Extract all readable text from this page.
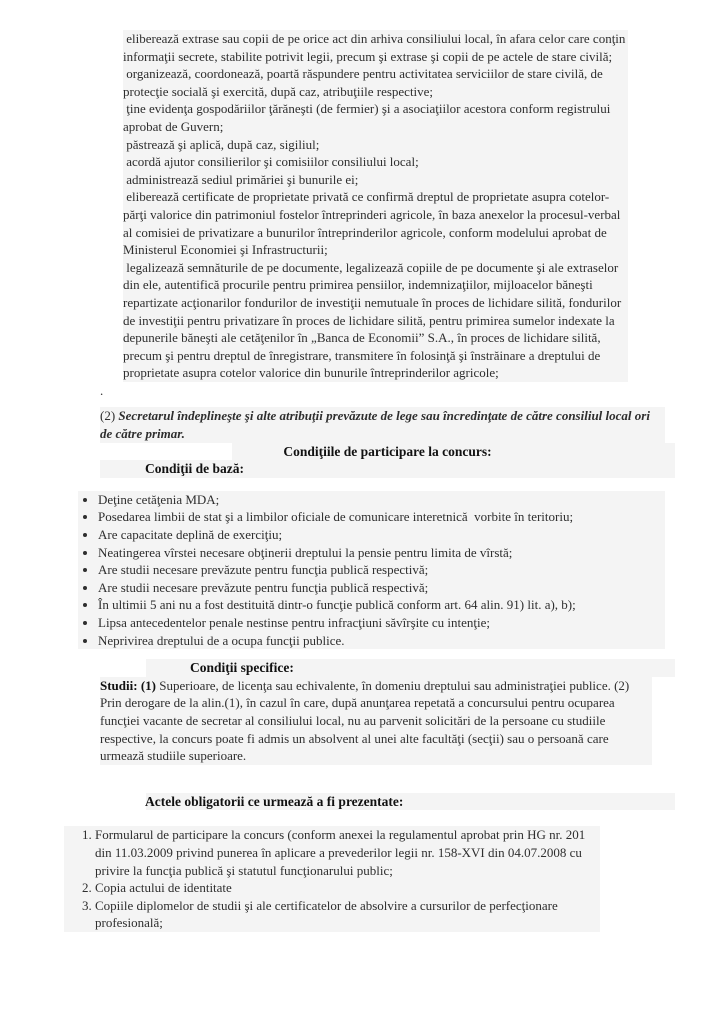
eliberează extrase sau copii de pe orice act din arhiva consiliului local, în afara celor care conţin informaţii secrete, stabilite potrivit legii, precum şi extrase şi copii de pe actele de stare civilă;

organizează, coordonează, poartă răspundere pentru activitatea serviciilor de stare civilă, de protecţie socială şi exercită, după caz, atribuţiile respective;

ţine evidenţa gospodăriilor ţărăneşti (de fermier) şi a asociaţiilor acestora conform registrului aprobat de Guvern;

păstrează şi aplică, după caz, sigiliul;

acordă ajutor consilierilor şi comisiilor consiliului local;

administrează sediul primăriei şi bunurile ei;

eliberează certificate de proprietate privată ce confirmă dreptul de proprietate asupra cotelor-părţi valorice din patrimoniul fostelor întreprinderi agricole, în baza anexelor la procesul-verbal al comisiei de privatizare a bunurilor întreprinderilor agricole, conform modelului aprobat de Ministerul Economiei şi Infrastructurii;

legalizează semnăturile de pe documente, legalizează copiile de pe documente şi ale extraselor din ele, autentifică procurile pentru primirea pensiilor, indemnizaţiilor, mijloacelor băneşti repartizate acţionarilor fondurilor de investiţii nemutuale în proces de lichidare silită, fondurilor de investiţii pentru privatizare în proces de lichidare silită, pentru primirea sumelor indexate la depunerile băneşti ale cetăţenilor în „Banca de Economii” S.A., în proces de lichidare silită, precum şi pentru dreptul de înregistrare, transmitere în folosinţă şi înstrăinare a dreptului de proprietate asupra cotelor valorice din bunurile întreprinderilor agricole;

.

(2) Secretarul îndeplineşte şi alte atribuţii prevăzute de lege sau încredinţate de către consiliul local ori de către primar.

Condiţiile de participare la concurs:
Condiţii de bază:
• Deţine cetăţenia MDA;
• Posedarea limbii de stat şi a limbilor oficiale de comunicare interetnică  vorbite în teritoriu;
• Are capacitate deplină de exerciţiu;
• Neatingerea vîrstei necesare obţinerii dreptului la pensie pentru limita de vîrstă;
• Are studii necesare prevăzute pentru funcţia publică respectivă;
• Are studii necesare prevăzute pentru funcţia publică respectivă;
• În ultimii 5 ani nu a fost destituită dintr-o funcţie publică conform art. 64 alin. 91) lit. a), b);
• Lipsa antecedentelor penale nestinse pentru infracţiuni săvîrşite cu intenţie;
• Neprivirea dreptului de a ocupa funcţii publice.
Condiţii specifice:

Studii: (1) Superioare, de licenţa sau echivalente, în domeniu dreptului sau administraţiei publice. (2) Prin derogare de la alin.(1), în cazul în care, după anunţarea repetată a concursului pentru ocuparea funcţiei vacante de secretar al consiliului local, nu au parvenit solicitări de la persoane cu studiile respective, la concurs poate fi admis un absolvent al unei alte facultăţi (secţii) sau o persoană care urmează studiile superioare.

Actele obligatorii ce urmează a fi prezentate:
1. Formularul de participare la concurs (conform anexei la regulamentul aprobat prin HG nr. 201 din 11.03.2009 privind punerea în aplicare a prevederilor legii nr. 158-XVI din 04.07.2008 cu privire la funcţia publică şi statutul funcţionarului public;
2. Copia actului de identitate
3. Copiile diplomelor de studii şi ale certificatelor de absolvire a cursurilor de perfecţionare profesională;
